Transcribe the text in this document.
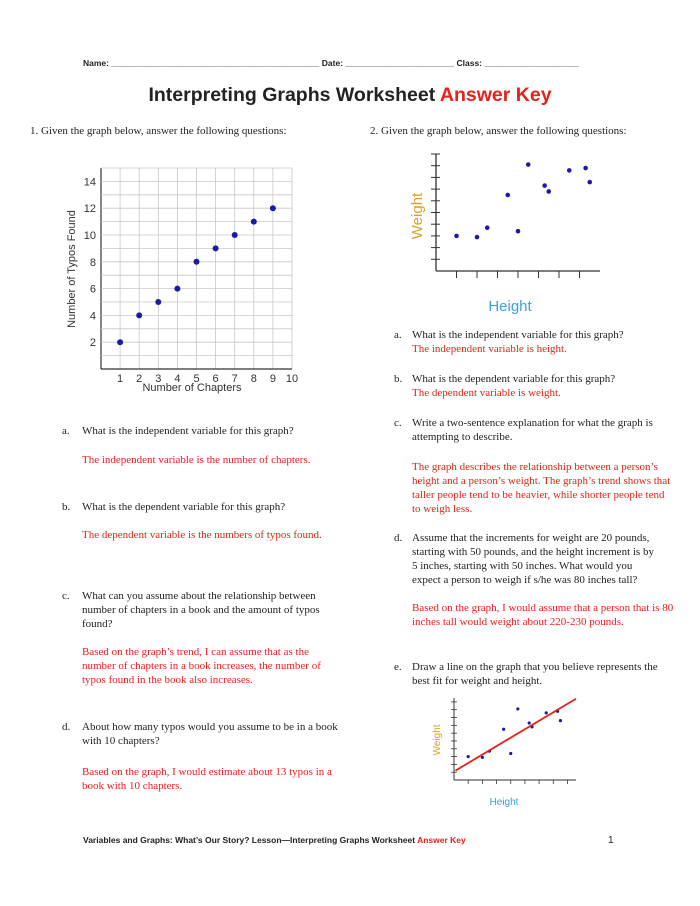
Name: ____________________________________________ Date: _______________________ Class: ____________________
Interpreting Graphs Worksheet Answer Key
1. Given the graph below, answer the following questions:
1 2 3 4 5 6 7 8 9 10
2
4
6
8
10
12
14
Number of Chapters
Number of Typos Found
a. What is the independent variable for this graph?
The independent variable is the number of chapters.
b. What is the dependent variable for this graph?
The dependent variable is the numbers of typos found.
c. What can you assume about the relationship between number of chapters in a book and the amount of typos found?
Based on the graph’s trend, I can assume that as the number of chapters in a book increases, the number of typos found in the book also increases.
d. About how many typos would you assume to be in a book with 10 chapters?
Based on the graph, I would estimate about 13 typos in a book with 10 chapters.
2. Given the graph below, answer the following questions:
Height
Weight
a. What is the independent variable for this graph?
The independent variable is height.
b. What is the dependent variable for this graph?
The dependent variable is weight.
c. Write a two-sentence explanation for what the graph is attempting to describe.
The graph describes the relationship between a person’s height and a person’s weight. The graph’s trend shows that taller people tend to be heavier, while shorter people tend to weigh less.
d. Assume that the increments for weight are 20 pounds, starting with 50 pounds, and the height increment is by 5 inches, starting with 50 inches. What would you expect a person to weigh if s/he was 80 inches tall?
Based on the graph, I would assume that a person that is 80 inches tall would weight about 220-230 pounds.
e. Draw a line on the graph that you believe represents the best fit for weight and height.
Height
Weight
Variables and Graphs: What’s Our Story? Lesson—Interpreting Graphs Worksheet Answer Key	1
